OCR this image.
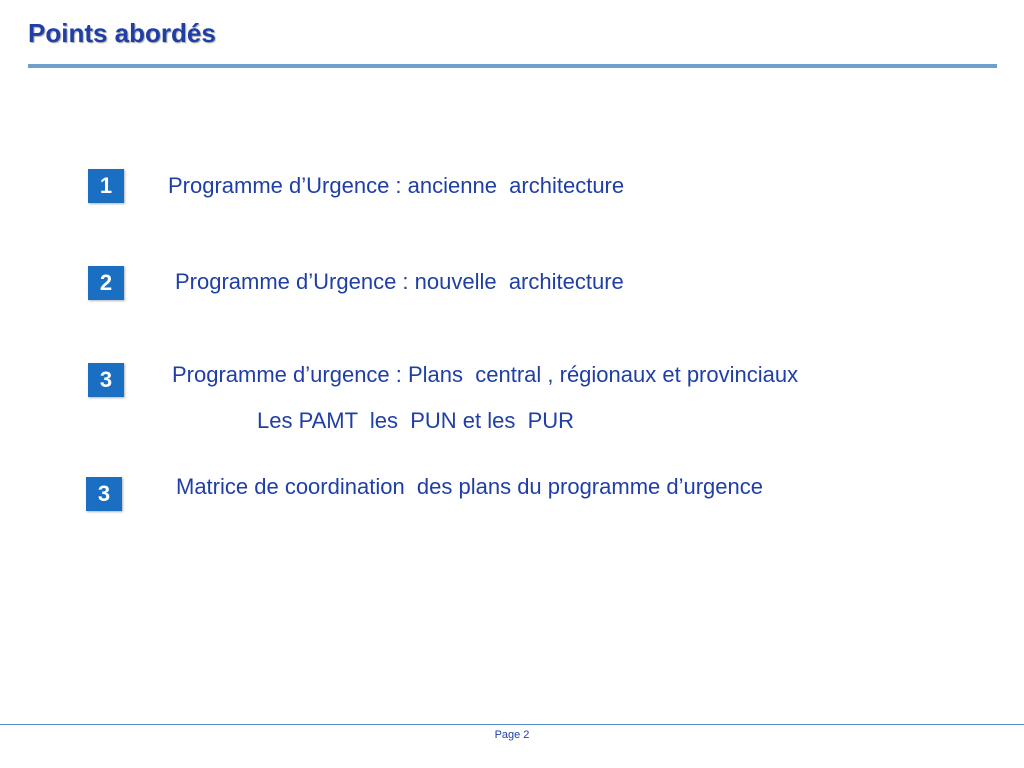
Points abordés
1	Programme d’Urgence : ancienne  architecture
2	Programme d’Urgence : nouvelle  architecture
3	Programme d’urgence : Plans  central , régionaux et provinciaux
Les PAMT  les  PUN et les  PUR
3	Matrice de coordination  des plans du programme d’urgence
Page 2
